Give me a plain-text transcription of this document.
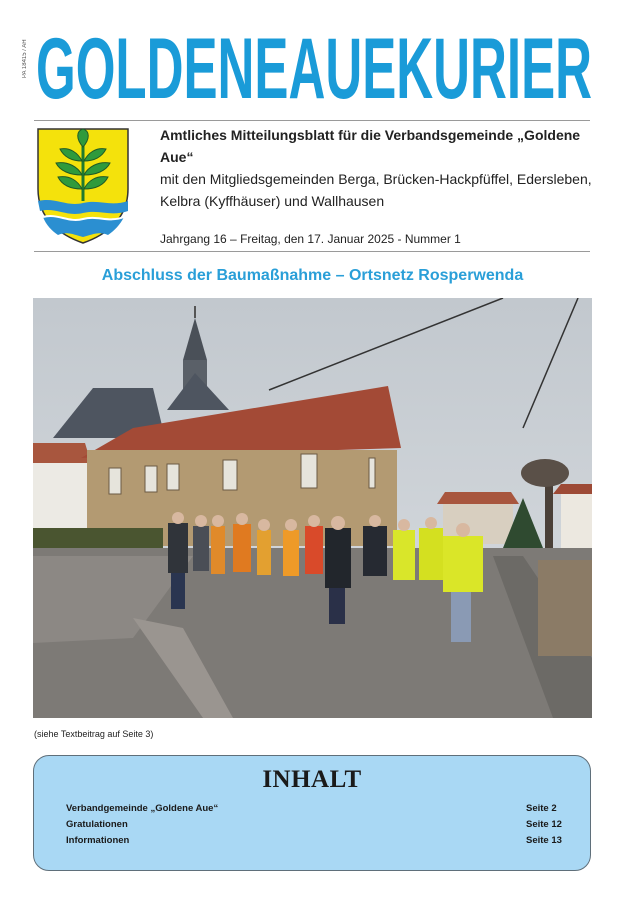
PA 18415 / AH GOLDENEAUEKURIER
Amtliches Mitteilungsblatt für die Verbandsgemeinde „Goldene Aue“
mit den Mitgliedsgemeinden Berga, Brücken-Hackpfüffel, Edersleben,
Kelbra (Kyffhäuser) und Wallhausen
Jahrgang 16 – Freitag, den 17. Januar 2025 - Nummer 1
Abschluss der Baumaßnahme – Ortsnetz Rosperwenda
(siehe Textbeitrag auf Seite 3)
INHALT
Verbandgemeinde „Goldene Aue“	Seite 2
Gratulationen	Seite 12
Informationen	Seite 13
